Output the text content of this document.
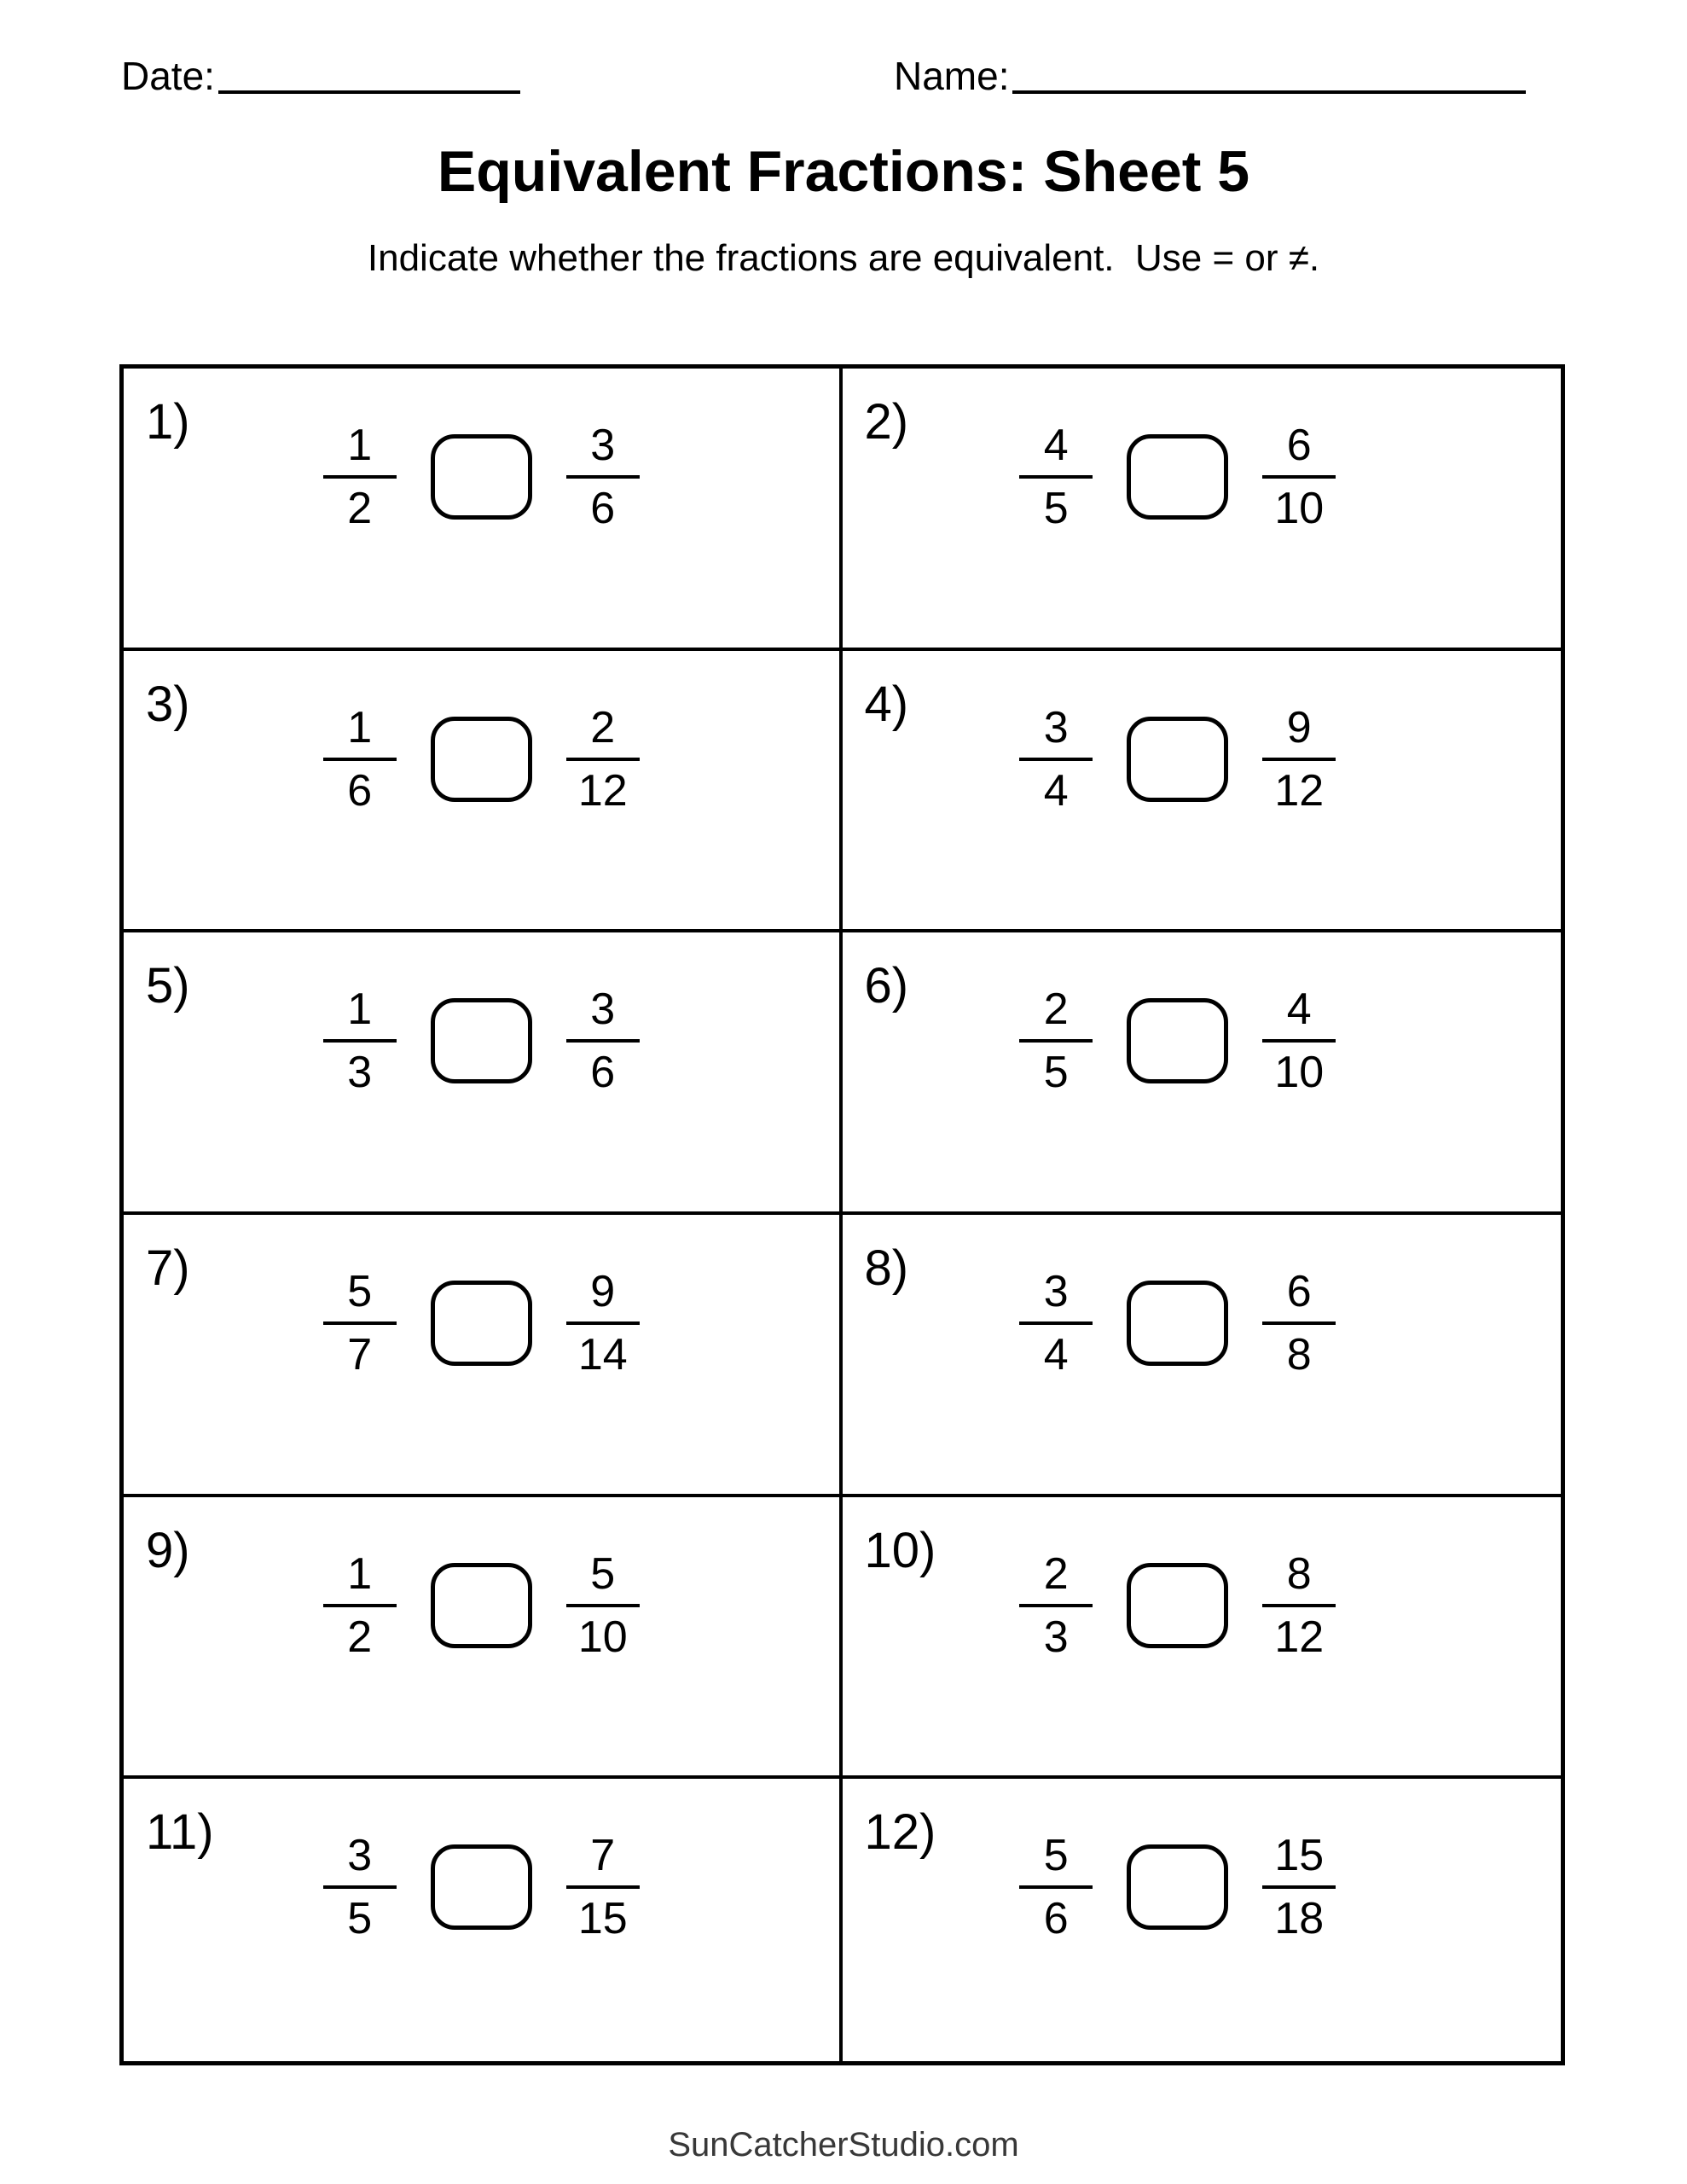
Date:	Name:
Equivalent Fractions: Sheet 5
Indicate whether the fractions are equivalent.  Use = or ≠.
1)
$\frac{1}{2}$	$\frac{3}{6}$
2)
$\frac{4}{5}$	$\frac{6}{10}$
3)
$\frac{1}{6}$	$\frac{2}{12}$
4)
$\frac{3}{4}$	$\frac{9}{12}$
5)
$\frac{1}{3}$	$\frac{3}{6}$
6)
$\frac{2}{5}$	$\frac{4}{10}$
7)
$\frac{5}{7}$	$\frac{9}{14}$
8)
$\frac{3}{4}$	$\frac{6}{8}$
9)
$\frac{1}{2}$	$\frac{5}{10}$
10)
$\frac{2}{3}$	$\frac{8}{12}$
11)
$\frac{3}{5}$	$\frac{7}{15}$
12)
$\frac{5}{6}$	$\frac{15}{18}$
SunCatcherStudio.com
